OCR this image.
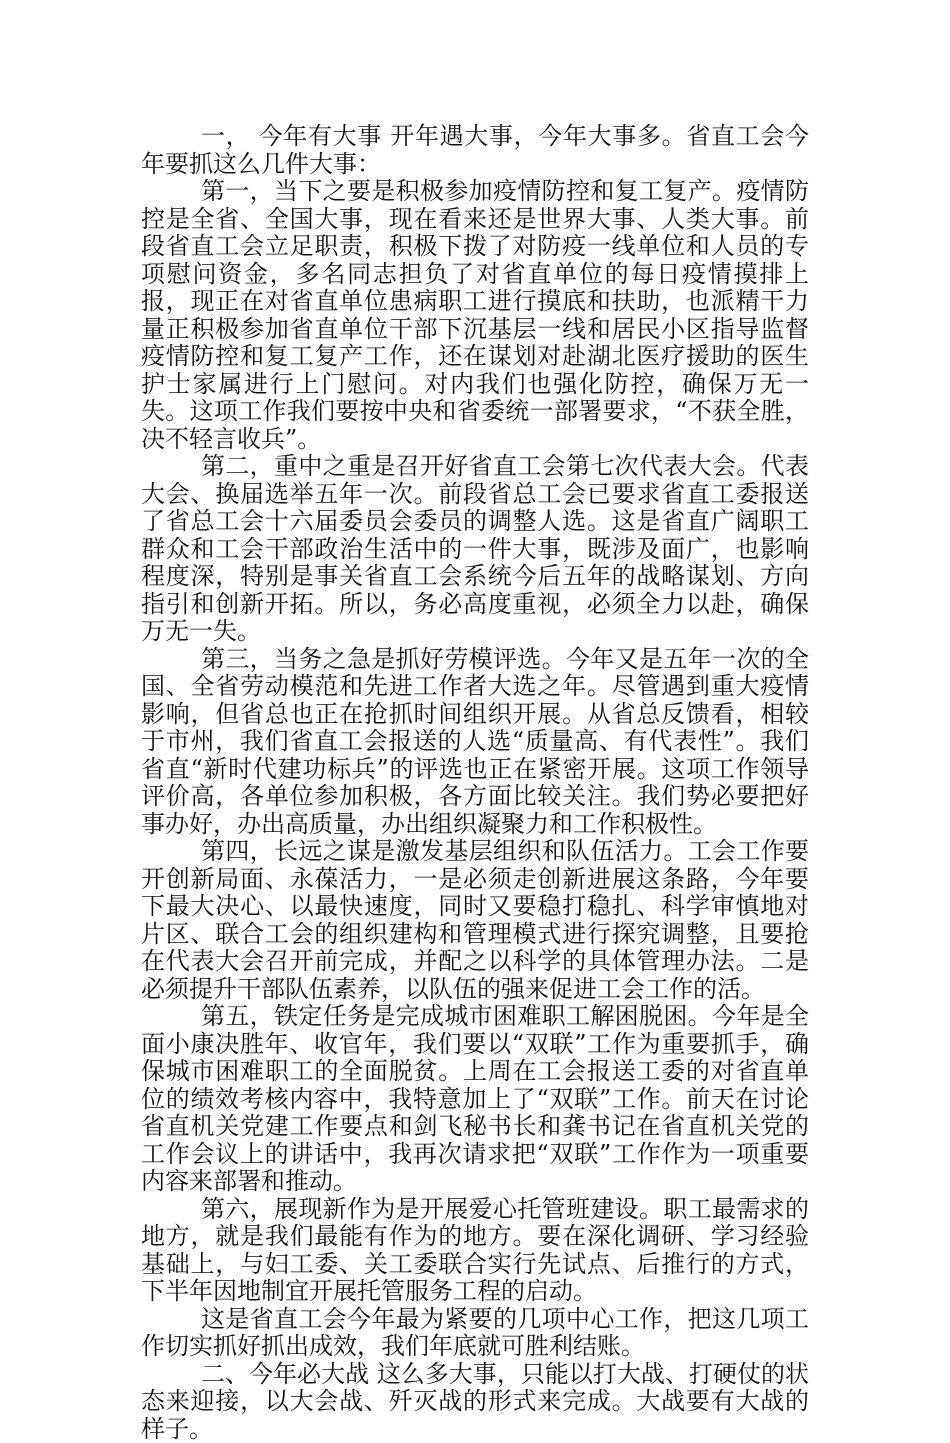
一， 今年有大事 开年遇大事，今年大事多。省直工会今年要抓这么几件大事：

第一，当下之要是积极参加疫情防控和复工复产。疫情防控是全省、全国大事，现在看来还是世界大事、人类大事。前段省直工会立足职责，积极下拨了对防疫一线单位和人员的专项慰问资金，多名同志担负了对省直单位的每日疫情摸排上报，现正在对省直单位患病职工进行摸底和扶助，也派精干力量正积极参加省直单位干部下沉基层一线和居民小区指导监督疫情防控和复工复产工作，还在谋划对赴湖北医疗援助的医生护士家属进行上门慰问。对内我们也强化防控，确保万无一失。这项工作我们要按中央和省委统一部署要求，“不获全胜，决不轻言收兵”。

第二，重中之重是召开好省直工会第七次代表大会。代表大会、换届选举五年一次。前段省总工会已要求省直工委报送了省总工会十六届委员会委员的调整人选。这是省直广阔职工群众和工会干部政治生活中的一件大事，既涉及面广，也影响程度深，特别是事关省直工会系统今后五年的战略谋划、方向指引和创新开拓。所以，务必高度重视，必须全力以赴，确保万无一失。

第三，当务之急是抓好劳模评选。今年又是五年一次的全国、全省劳动模范和先进工作者大选之年。尽管遇到重大疫情影响，但省总也正在抢抓时间组织开展。从省总反馈看，相较于市州，我们省直工会报送的人选“质量高、有代表性”。我们省直“新时代建功标兵”的评选也正在紧密开展。这项工作领导评价高，各单位参加积极，各方面比较关注。我们势必要把好事办好，办出高质量，办出组织凝聚力和工作积极性。

第四，长远之谋是激发基层组织和队伍活力。工会工作要开创新局面、永葆活力，一是必须走创新进展这条路，今年要下最大决心、以最快速度，同时又要稳打稳扎、科学审慎地对片区、联合工会的组织建构和管理模式进行探究调整，且要抢在代表大会召开前完成，并配之以科学的具体管理办法。二是必须提升干部队伍素养，以队伍的强来促进工会工作的活。

第五，铁定任务是完成城市困难职工解困脱困。今年是全面小康决胜年、收官年，我们要以“双联”工作为重要抓手，确保城市困难职工的全面脱贫。上周在工会报送工委的对省直单位的绩效考核内容中，我特意加上了“双联”工作。前天在讨论省直机关党建工作要点和剑飞秘书长和龚书记在省直机关党的工作会议上的讲话中，我再次请求把“双联”工作作为一项重要内容来部署和推动。

第六，展现新作为是开展爱心托管班建设。职工最需求的地方，就是我们最能有作为的地方。要在深化调研、学习经验基础上，与妇工委、关工委联合实行先试点、后推行的方式，下半年因地制宜开展托管服务工程的启动。

这是省直工会今年最为紧要的几项中心工作，把这几项工作切实抓好抓出成效，我们年底就可胜利结账。

二、今年必大战 这么多大事，只能以打大战、打硬仗的状态来迎接，以大会战、歼灭战的形式来完成。大战要有大战的样子。
